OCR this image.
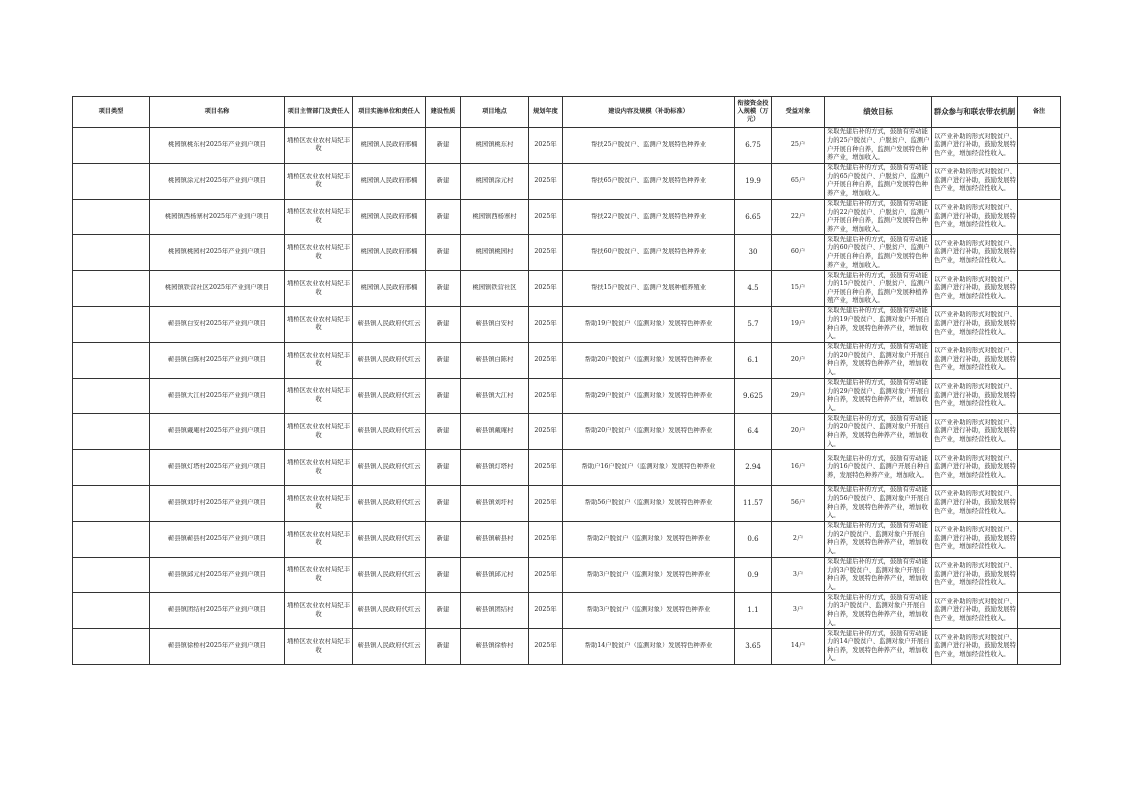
项目类型	项目名称	项目主管部门及责任人	项目实施单位和责任人	建设性质	项目地点	规划年度	建设内容及规模（补助标准）	衔接资金投入规模（万元）	受益对象	绩效目标	群众参与和联农带农机制	备注

	桃园镇桃东村2025年产业到户项目	埇桥区农业农村局纪丰收	桃园镇人民政府邢楠	新建	桃园镇桃东村	2025年	帮扶25户脱贫户、监测户发展特色种养业	6.75	25户	采取先建后补的方式，鼓励有劳动能力的25户脱贫户、户脱贫户、监测户户开展自种自养，监测户发展特色种养产业，增加收入。	以产业补助的形式对脱贫户、监测户进行补助，鼓励发展特色产业，增加经营性收入。	

	桃园镇涂元村2025年产业到户项目	埇桥区农业农村局纪丰收	桃园镇人民政府邢楠	新建	桃园镇涂元村	2025年	帮扶65户脱贫户、监测户发展特色种养业	19.9	65户	采取先建后补的方式，鼓励有劳动能力的65户脱贫户、户脱贫户、监测户户开展自种自养，监测户发展特色种养产业，增加收入。	以产业补助的形式对脱贫户、监测户进行补助，鼓励发展特色产业，增加经营性收入。	

	桃园镇西杨寨村2025年产业到户项目	埇桥区农业农村局纪丰收	桃园镇人民政府邢楠	新建	桃园镇西杨寨村	2025年	帮扶22户脱贫户、监测户发展特色种养业	6.65	22户	采取先建后补的方式，鼓励有劳动能力的22户脱贫户、户脱贫户、监测户户开展自种自养，监测户发展特色种养产业，增加收入。	以产业补助的形式对脱贫户、监测户进行补助，鼓励发展特色产业，增加经营性收入。	

	桃园镇桃园村2025年产业到户项目	埇桥区农业农村局纪丰收	桃园镇人民政府邢楠	新建	桃园镇桃园村	2025年	帮扶60户脱贫户、监测户发展特色种养业	30	60户	采取先建后补的方式，鼓励有劳动能力的60户脱贫户、户脱贫户、监测户户开展自种自养，监测户发展特色种养产业，增加收入。	以产业补助的形式对脱贫户、监测户进行补助，鼓励发展特色产业，增加经营性收入。	

	桃园镇铁营社区2025年产业到户项目	埇桥区农业农村局纪丰收	桃园镇人民政府邢楠	新建	桃园镇铁营社区	2025年	帮扶15户脱贫户、监测户发展种植养殖业	4.5	15户	采取先建后补的方式，鼓励有劳动能力的15户脱贫户、户脱贫户、监测户户开展自种自养，监测户发展种植养殖产业，增加收入。	以产业补助的形式对脱贫户、监测户进行补助，鼓励发展特色产业，增加经营性收入。	

	蕲县镇白安村2025年产业到户项目	埇桥区农业农村局纪丰收	蕲县镇人民政府代红云	新建	蕲县镇白安村	2025年	帮助19户脱贫户（监测对象）发展特色种养业	5.7	19户	采取先建后补的方式，鼓励有劳动能力的19户脱贫户、监测对象户开展自种自养，发展特色种养产业，增加收入。	以产业补助的形式对脱贫户、监测户进行补助，鼓励发展特色产业，增加经营性收入。	

	蕲县镇白陈村2025年产业到户项目	埇桥区农业农村局纪丰收	蕲县镇人民政府代红云	新建	蕲县镇白陈村	2025年	帮助20户脱贫户（监测对象）发展特色种养业	6.1	20户	采取先建后补的方式，鼓励有劳动能力的20户脱贫户、监测对象户开展自种自养，发展特色种养产业，增加收入。	以产业补助的形式对脱贫户、监测户进行补助，鼓励发展特色产业，增加经营性收入。	

	蕲县镇大江村2025年产业到户项目	埇桥区农业农村局纪丰收	蕲县镇人民政府代红云	新建	蕲县镇大江村	2025年	帮助29户脱贫户（监测对象）发展特色种养业	9.625	29户	采取先建后补的方式，鼓励有劳动能力的29户脱贫户、监测对象户开展自种自养，发展特色种养产业，增加收入。	以产业补助的形式对脱贫户、监测户进行补助，鼓励发展特色产业，增加经营性收入。	

	蕲县镇戴庵村2025年产业到户项目	埇桥区农业农村局纪丰收	蕲县镇人民政府代红云	新建	蕲县镇戴庵村	2025年	帮助20户脱贫户（监测对象）发展特色种养业	6.4	20户	采取先建后补的方式，鼓励有劳动能力的20户脱贫户、监测对象户开展自种自养，发展特色种养产业，增加收入。	以产业补助的形式对脱贫户、监测户进行补助，鼓励发展特色产业，增加经营性收入。	

	蕲县镇灯塔村2025年产业到户项目	埇桥区农业农村局纪丰收	蕲县镇人民政府代红云	新建	蕲县镇灯塔村	2025年	帮助户16户脱贫户（监测对象）发展特色种养业	2.94	16户	采取先建后补的方式，鼓励有劳动能力的16户脱贫户、监测户开展自种自养，发展特色种养产业，增加收入。	以产业补助的形式对脱贫户、监测户进行补助，鼓励发展特色产业，增加经营性收入。	

	蕲县镇刘圩村2025年产业到户项目	埇桥区农业农村局纪丰收	蕲县镇人民政府代红云	新建	蕲县镇刘圩村	2025年	帮助56户脱贫户（监测对象）发展特色种养业	11.57	56户	采取先建后补的方式，鼓励有劳动能力的56户脱贫户、监测对象户开展自种自养，发展特色种养产业，增加收入。	以产业补助的形式对脱贫户、监测户进行补助，鼓励发展特色产业，增加经营性收入。	

	蕲县镇蕲县村2025年产业到户项目	埇桥区农业农村局纪丰收	蕲县镇人民政府代红云	新建	蕲县镇蕲县村	2025年	帮助2户脱贫户（监测对象）发展特色种养业	0.6	2户	采取先建后补的方式，鼓励有劳动能力的2户脱贫户、监测对象户开展自种自养，发展特色种养产业，增加收入。	以产业补助的形式对脱贫户、监测户进行补助，鼓励发展特色产业，增加经营性收入。	

	蕲县镇邱元村2025年产业到户项目	埇桥区农业农村局纪丰收	蕲县镇人民政府代红云	新建	蕲县镇邱元村	2025年	帮助3户脱贫户（监测对象）发展特色种养业	0.9	3户	采取先建后补的方式，鼓励有劳动能力的3户脱贫户、监测对象户开展自种自养，发展特色种养产业，增加收入。	以产业补助的形式对脱贫户、监测户进行补助，鼓励发展特色产业，增加经营性收入。	

	蕲县镇团结村2025年产业到户项目	埇桥区农业农村局纪丰收	蕲县镇人民政府代红云	新建	蕲县镇团结村	2025年	帮助3户脱贫户（监测对象）发展特色种养业	1.1	3户	采取先建后补的方式，鼓励有劳动能力的3户脱贫户、监测对象户开展自种自养，发展特色种养产业，增加收入。	以产业补助的形式对脱贫户、监测户进行补助，鼓励发展特色产业，增加经营性收入。	

	蕲县镇徐桥村2025年产业到户项目	埇桥区农业农村局纪丰收	蕲县镇人民政府代红云	新建	蕲县镇徐桥村	2025年	帮助14户脱贫户（监测对象）发展特色种养业	3.65	14户	采取先建后补的方式，鼓励有劳动能力的14户脱贫户、监测对象户开展自种自养，发展特色种养产业，增加收入。	以产业补助的形式对脱贫户、监测户进行补助，鼓励发展特色产业，增加经营性收入。	
